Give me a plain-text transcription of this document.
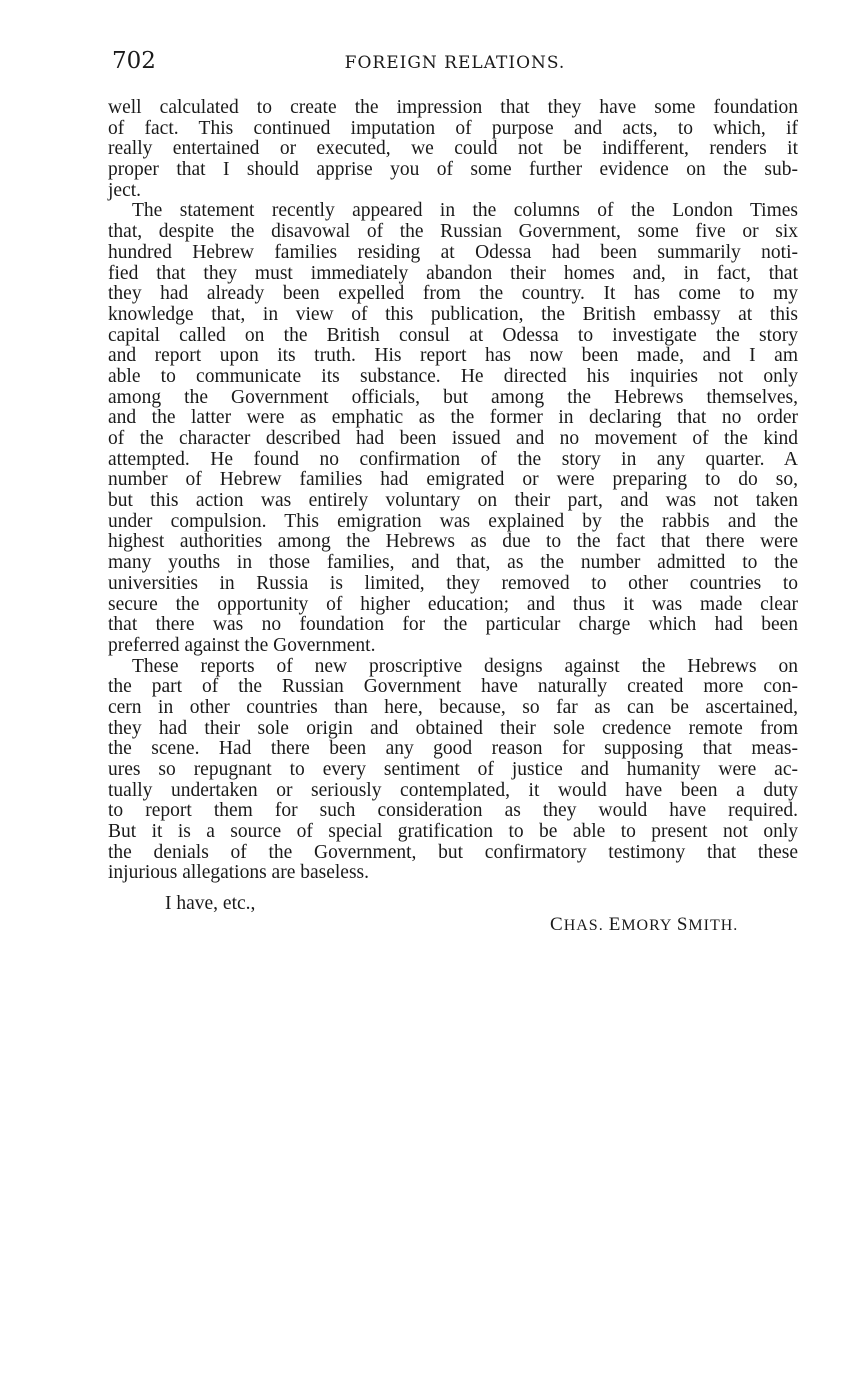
702	FOREIGN RELATIONS.
well calculated to create the impression that they have some foundation
of fact. This continued imputation of purpose and acts, to which, if
really entertained or executed, we could not be indifferent, renders it
proper that I should apprise you of some further evidence on the sub-
ject.
The statement recently appeared in the columns of the London Times
that, despite the disavowal of the Russian Government, some five or six
hundred Hebrew families residing at Odessa had been summarily noti-
fied that they must immediately abandon their homes and, in fact, that
they had already been expelled from the country. It has come to my
knowledge that, in view of this publication, the British embassy at this
capital called on the British consul at Odessa to investigate the story
and report upon its truth. His report has now been made, and I am
able to communicate its substance. He directed his inquiries not only
among the Government officials, but among the Hebrews themselves,
and the latter were as emphatic as the former in declaring that no order
of the character described had been issued and no movement of the kind
attempted. He found no confirmation of the story in any quarter. A
number of Hebrew families had emigrated or were preparing to do so,
but this action was entirely voluntary on their part, and was not taken
under compulsion. This emigration was explained by the rabbis and the
highest authorities among the Hebrews as due to the fact that there were
many youths in those families, and that, as the number admitted to the
universities in Russia is limited, they removed to other countries to
secure the opportunity of higher education; and thus it was made clear
that there was no foundation for the particular charge which had been
preferred against the Government.
These reports of new proscriptive designs against the Hebrews on
the part of the Russian Government have naturally created more con-
cern in other countries than here, because, so far as can be ascertained,
they had their sole origin and obtained their sole credence remote from
the scene. Had there been any good reason for supposing that meas-
ures so repugnant to every sentiment of justice and humanity were ac-
tually undertaken or seriously contemplated, it would have been a duty
to report them for such consideration as they would have required.
But it is a source of special gratification to be able to present not only
the denials of the Government, but confirmatory testimony that these
injurious allegations are baseless.
I have, etc.,
CHAS. EMORY SMITH.
